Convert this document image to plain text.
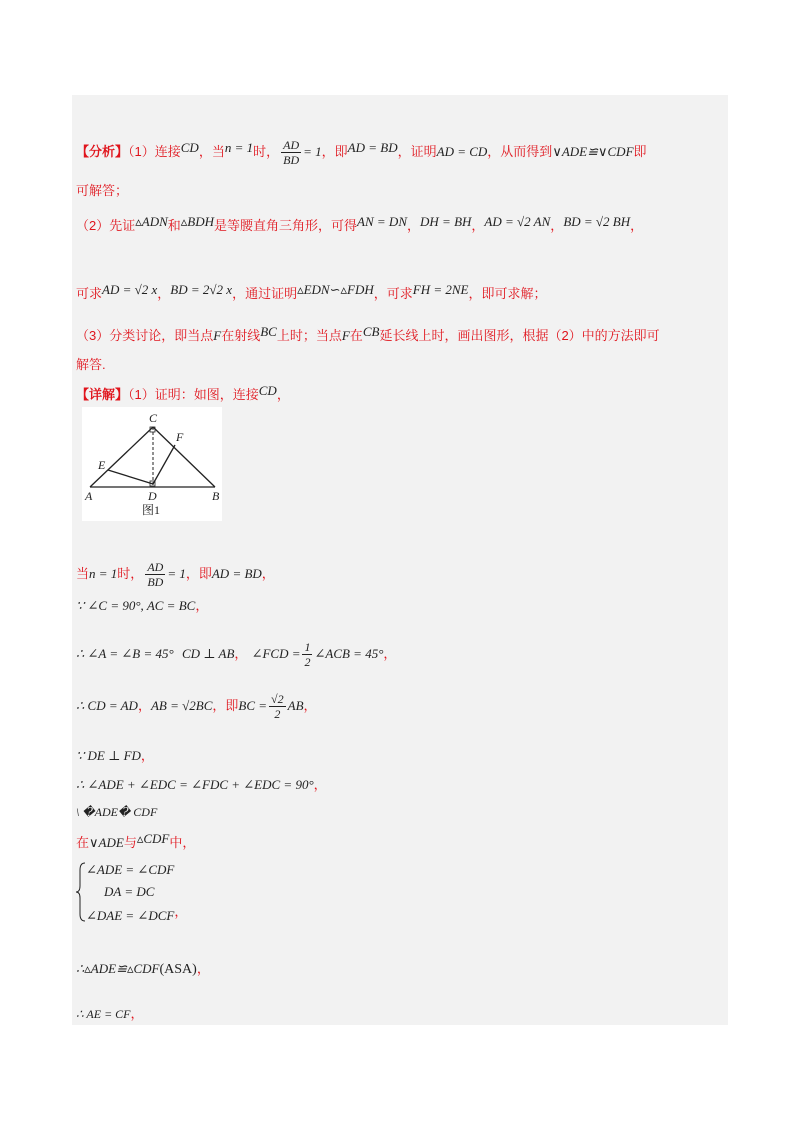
【分析】（1）连接CD，当n = 1时， $\frac{AD}{BD} = 1$，即AD = BD，证明AD = CD，从而得到∨ADE≌∨CDF即
可解答；
（2）先证▵ADN和▵BDH是等腰直角三角形，可得AN = DN，DH = BH，AD = √2 AN，BD = √2 BH，
可求AD = √2 x，BD = 2√2 x，通过证明▵EDN∽▵FDH，可求FH = 2NE，即可求解；
（3）分类讨论，即当点F在射线BC上时；当点F在CB延长线上时，画出图形，根据（2）中的方法即可
解答.
【详解】（1）证明：如图，连接CD，
C
F
E
A	D	B
图1
当n = 1时， $\frac{AD}{BD} = 1$，即AD = BD，
∵ ∠C = 90°, AC = BC，
∴ ∠A = ∠B = 45° CD ⊥ AB， ∠FCD = $\frac{1}{2}$ ∠ACB = 45°，
∴ CD = AD，AB = √2BC，即BC = $\frac{√2}{2}$ AB，
∵ DE ⊥ FD，
∴ ∠ADE + ∠EDC = ∠FDC + ∠EDC = 90°，
\ �ADE� CDF
在∨ADE与▵CDF中，
∠ADE = ∠CDF
DA = DC
∠DAE = ∠DCF，
∴▵ADE≌▵CDF(ASA)，
∴ AE = CF，
